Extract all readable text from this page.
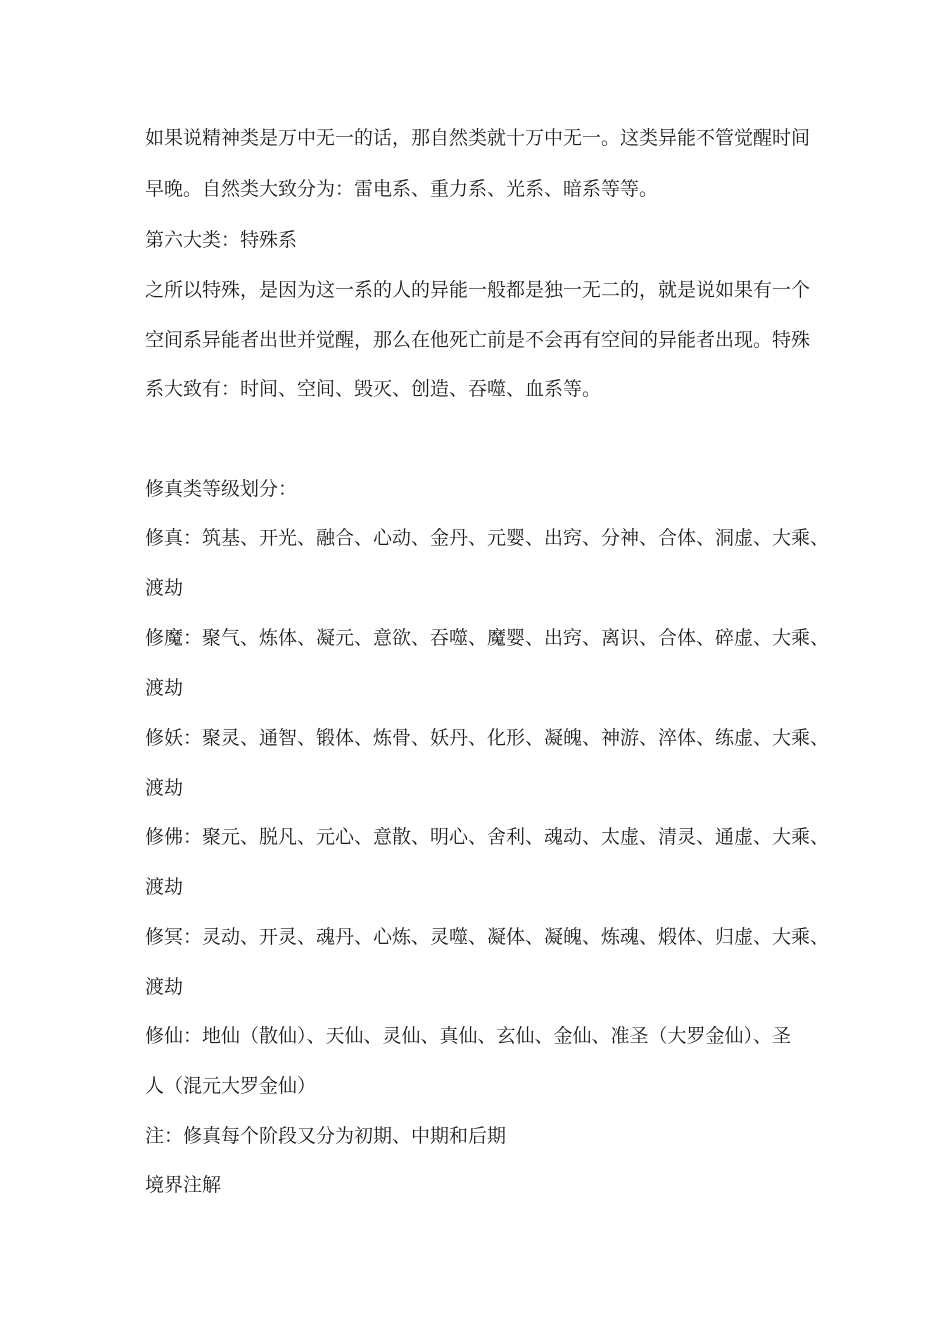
如果说精神类是万中无一的话，那自然类就十万中无一。这类异能不管觉醒时间
早晚。自然类大致分为：雷电系、重力系、光系、暗系等等。
第六大类：特殊系
之所以特殊，是因为这一系的人的异能一般都是独一无二的，就是说如果有一个
空间系异能者出世并觉醒，那么在他死亡前是不会再有空间的异能者出现。特殊
系大致有：时间、空间、毁灭、创造、吞噬、血系等。
修真类等级划分：
修真：筑基、开光、融合、心动、金丹、元婴、出窍、分神、合体、洞虚、大乘、
渡劫
修魔：聚气、炼体、凝元、意欲、吞噬、魔婴、出窍、离识、合体、碎虚、大乘、
渡劫
修妖：聚灵、通智、锻体、炼骨、妖丹、化形、凝魄、神游、淬体、练虚、大乘、
渡劫
修佛：聚元、脱凡、元心、意散、明心、舍利、魂动、太虚、清灵、通虚、大乘、
渡劫
修冥：灵动、开灵、魂丹、心炼、灵噬、凝体、凝魄、炼魂、煅体、归虚、大乘、
渡劫
修仙：地仙（散仙）、天仙、灵仙、真仙、玄仙、金仙、准圣（大罗金仙）、圣
人（混元大罗金仙）
注：修真每个阶段又分为初期、中期和后期
境界注解
